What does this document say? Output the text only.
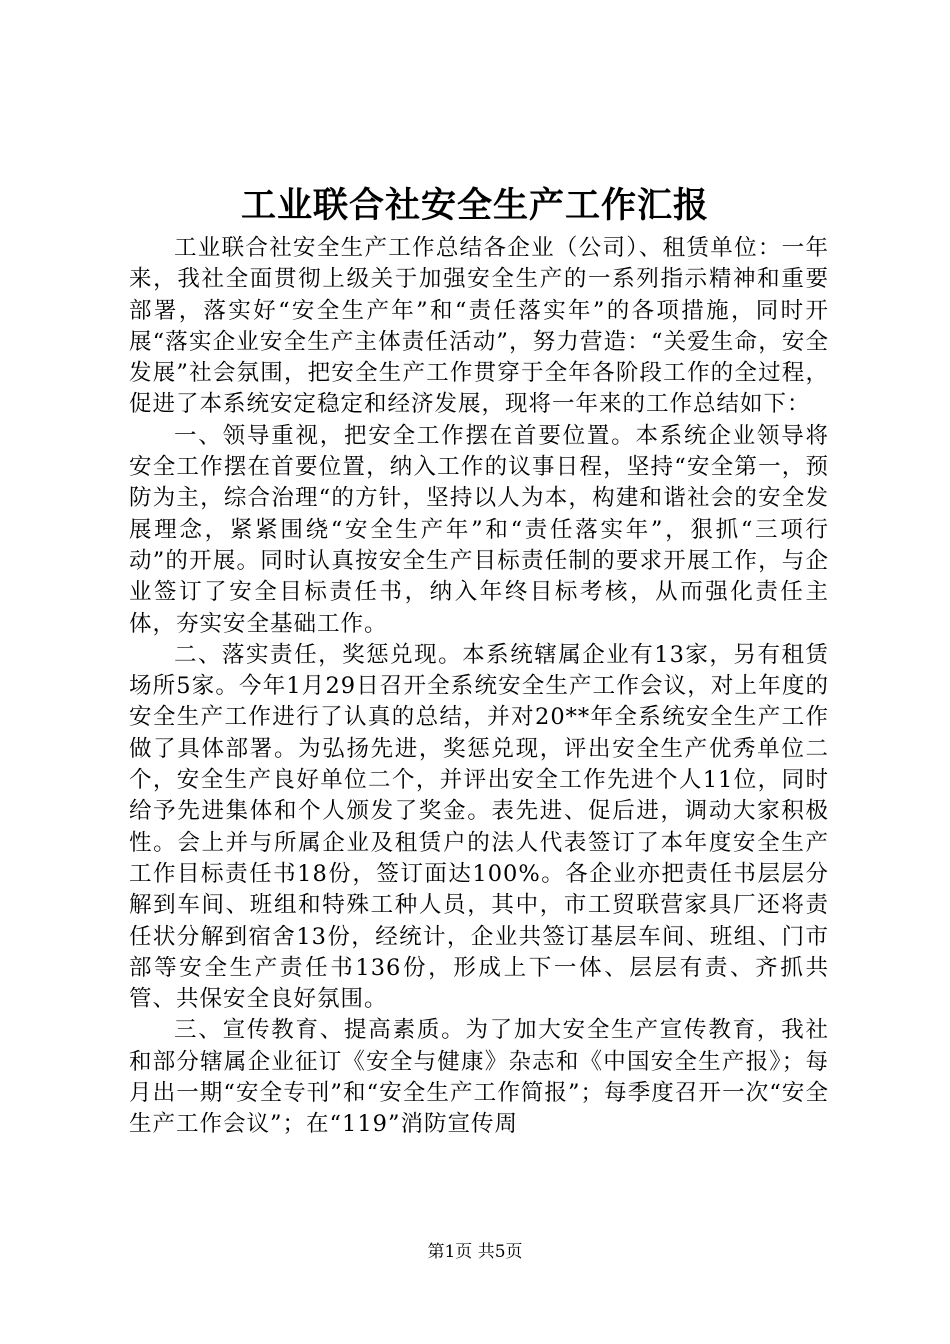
工业联合社安全生产工作汇报

工业联合社安全生产工作总结各企业（公司）、租赁单位：一年来，我社全面贯彻上级关于加强安全生产的一系列指示精神和重要部署，落实好“安全生产年”和“责任落实年”的各项措施，同时开展“落实企业安全生产主体责任活动”，努力营造：“关爱生命，安全发展”社会氛围，把安全生产工作贯穿于全年各阶段工作的全过程，促进了本系统安定稳定和经济发展，现将一年来的工作总结如下：

一、领导重视，把安全工作摆在首要位置。本系统企业领导将安全工作摆在首要位置，纳入工作的议事日程，坚持“安全第一，预防为主，综合治理“的方针，坚持以人为本，构建和谐社会的安全发展理念，紧紧围绕“安全生产年”和“责任落实年”，狠抓“三项行动”的开展。同时认真按安全生产目标责任制的要求开展工作，与企业签订了安全目标责任书，纳入年终目标考核，从而强化责任主体，夯实安全基础工作。

二、落实责任，奖惩兑现。本系统辖属企业有13家，另有租赁场所5家。今年1月29日召开全系统安全生产工作会议，对上年度的安全生产工作进行了认真的总结，并对20**年全系统安全生产工作做了具体部署。为弘扬先进，奖惩兑现，评出安全生产优秀单位二个，安全生产良好单位二个，并评出安全工作先进个人11位，同时给予先进集体和个人颁发了奖金。表先进、促后进，调动大家积极性。会上并与所属企业及租赁户的法人代表签订了本年度安全生产工作目标责任书18份，签订面达100%。各企业亦把责任书层层分解到车间、班组和特殊工种人员，其中，市工贸联营家具厂还将责任状分解到宿舍13份，经统计，企业共签订基层车间、班组、门市部等安全生产责任书136份，形成上下一体、层层有责、齐抓共管、共保安全良好氛围。

三、宣传教育、提高素质。为了加大安全生产宣传教育，我社和部分辖属企业征订《安全与健康》杂志和《中国安全生产报》；每月出一期“安全专刊”和“安全生产工作简报”；每季度召开一次“安全生产工作会议”；在“119”消防宣传周

第1页 共5页
